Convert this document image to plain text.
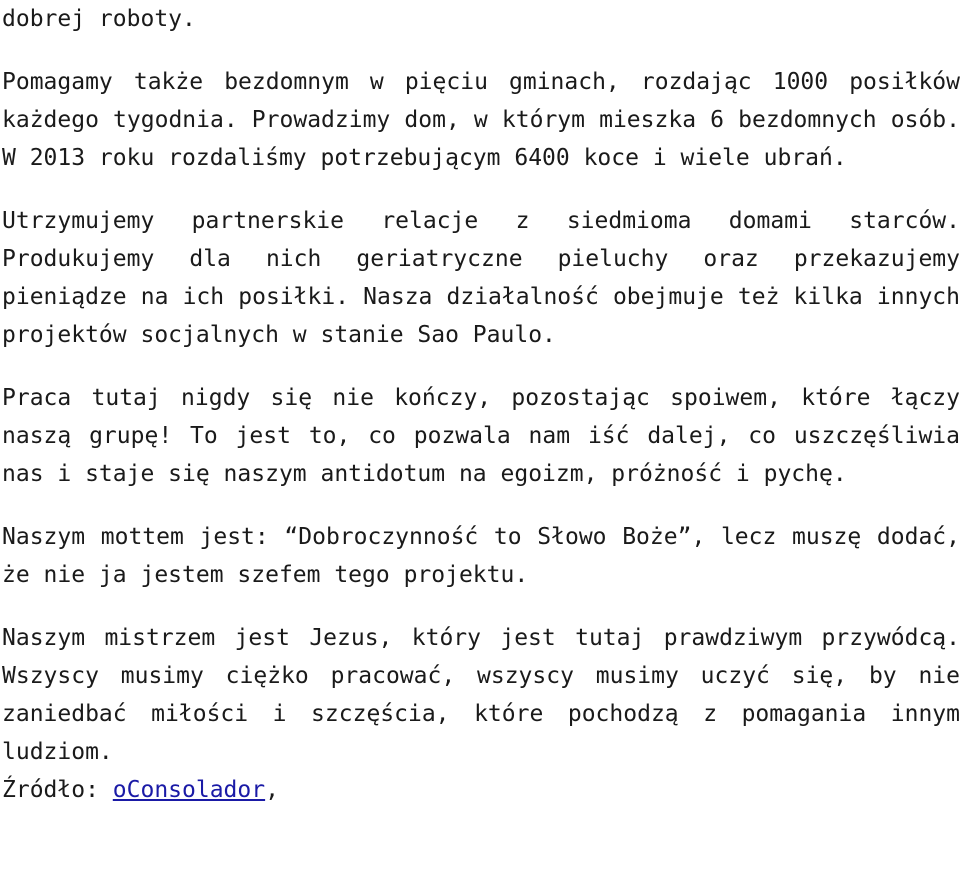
dobrej roboty.

Pomagamy także bezdomnym w pięciu gminach, rozdając 1000 posiłków każdego tygodnia. Prowadzimy dom, w którym mieszka 6 bezdomnych osób. W 2013 roku rozdaliśmy potrzebującym 6400 koce i wiele ubrań.

Utrzymujemy partnerskie relacje z siedmioma domami starców. Produkujemy dla nich geriatryczne pieluchy oraz przekazujemy pieniądze na ich posiłki. Nasza działalność obejmuje też kilka innych projektów socjalnych w stanie Sao Paulo.

Praca tutaj nigdy się nie kończy, pozostając spoiwem, które łączy naszą grupę! To jest to, co pozwala nam iść dalej, co uszczęśliwia nas i staje się naszym antidotum na egoizm, próżność i pychę.

Naszym mottem jest: “Dobroczynność to Słowo Boże”, lecz muszę dodać, że nie ja jestem szefem tego projektu.

Naszym mistrzem jest Jezus, który jest tutaj prawdziwym przywódcą. Wszyscy musimy ciężko pracować, wszyscy musimy uczyć się, by nie zaniedbać miłości i szczęścia, które pochodzą z pomagania innym ludziom.

Źródło: oConsolador,
